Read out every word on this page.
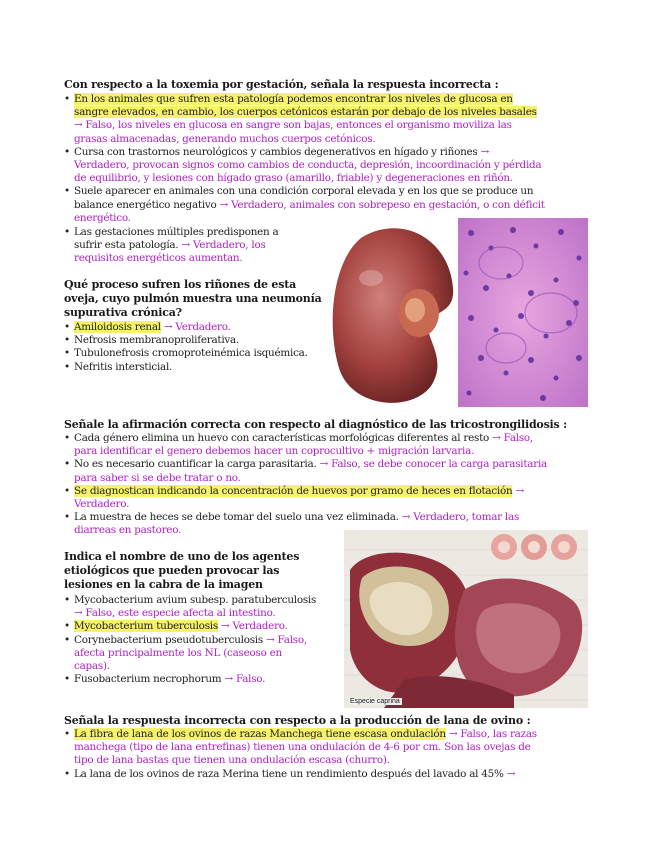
Con respecto a la toxemia por gestación, señala la respuesta incorrecta :
• En los animales que sufren esta patología podemos encontrar los niveles de glucosa en sangre elevados, en cambio, los cuerpos cetónicos estarán por debajo de los niveles basales → Falso, los niveles en glucosa en sangre son bajas, entonces el organismo moviliza las grasas almacenadas, generando muchos cuerpos cetónicos.
• Cursa con trastornos neurológicos y cambios degenerativos en hígado y riñones → Verdadero, provocan signos como cambios de conducta, depresión, incoordinación y pérdida de equilibrio, y lesiones con hígado graso (amarillo, friable) y degeneraciones en riñón.
• Suele aparecer en animales con una condición corporal elevada y en los que se produce un balance energético negativo → Verdadero, animales con sobrepeso en gestación, o con déficit energético.
• Las gestaciones múltiples predisponen a sufrir esta patología. → Verdadero, los requisitos energéticos aumentan.
Qué proceso sufren los riñones de esta oveja, cuyo pulmón muestra una neumonía supurativa crónica?
• Amiloidosis renal → Verdadero.
• Nefrosis membranoproliferativa.
• Tubulonefrosis cromoproteinémica isquémica.
• Nefritis intersticial.
Señale la afirmación correcta con respecto al diagnóstico de las tricostrongilidosis :
• Cada género elimina un huevo con características morfológicas diferentes al resto → Falso, para identificar el genero debemos hacer un coprocultivo + migración larvaria.
• No es necesario cuantificar la carga parasitaria. → Falso, se debe conocer la carga parasitaria para saber si se debe tratar o no.
• Se diagnostican indicando la concentración de huevos por gramo de heces en flotación → Verdadero.
• La muestra de heces se debe tomar del suelo una vez eliminada. → Verdadero, tomar las diarreas en pastoreo.
Especie caprina
Indica el nombre de uno de los agentes etiológicos que pueden provocar las lesiones en la cabra de la imagen
• Mycobacterium avium subesp. paratuberculosis → Falso, este especie afecta al intestino.
• Mycobacterium tuberculosis → Verdadero.
• Corynebacterium pseudotuberculosis → Falso, afecta principalmente los NL (caseoso en capas).
• Fusobacterium necrophorum → Falso.
Señala la respuesta incorrecta con respecto a la producción de lana de ovino :
• La fibra de lana de los ovinos de razas Manchega tiene escasa ondulación → Falso, las razas manchega (tipo de lana entrefinas) tienen una ondulación de 4-6 por cm. Son las ovejas de tipo de lana bastas que tienen una ondulación escasa (churro).
• La lana de los ovinos de raza Merina tiene un rendimiento después del lavado al 45% →
